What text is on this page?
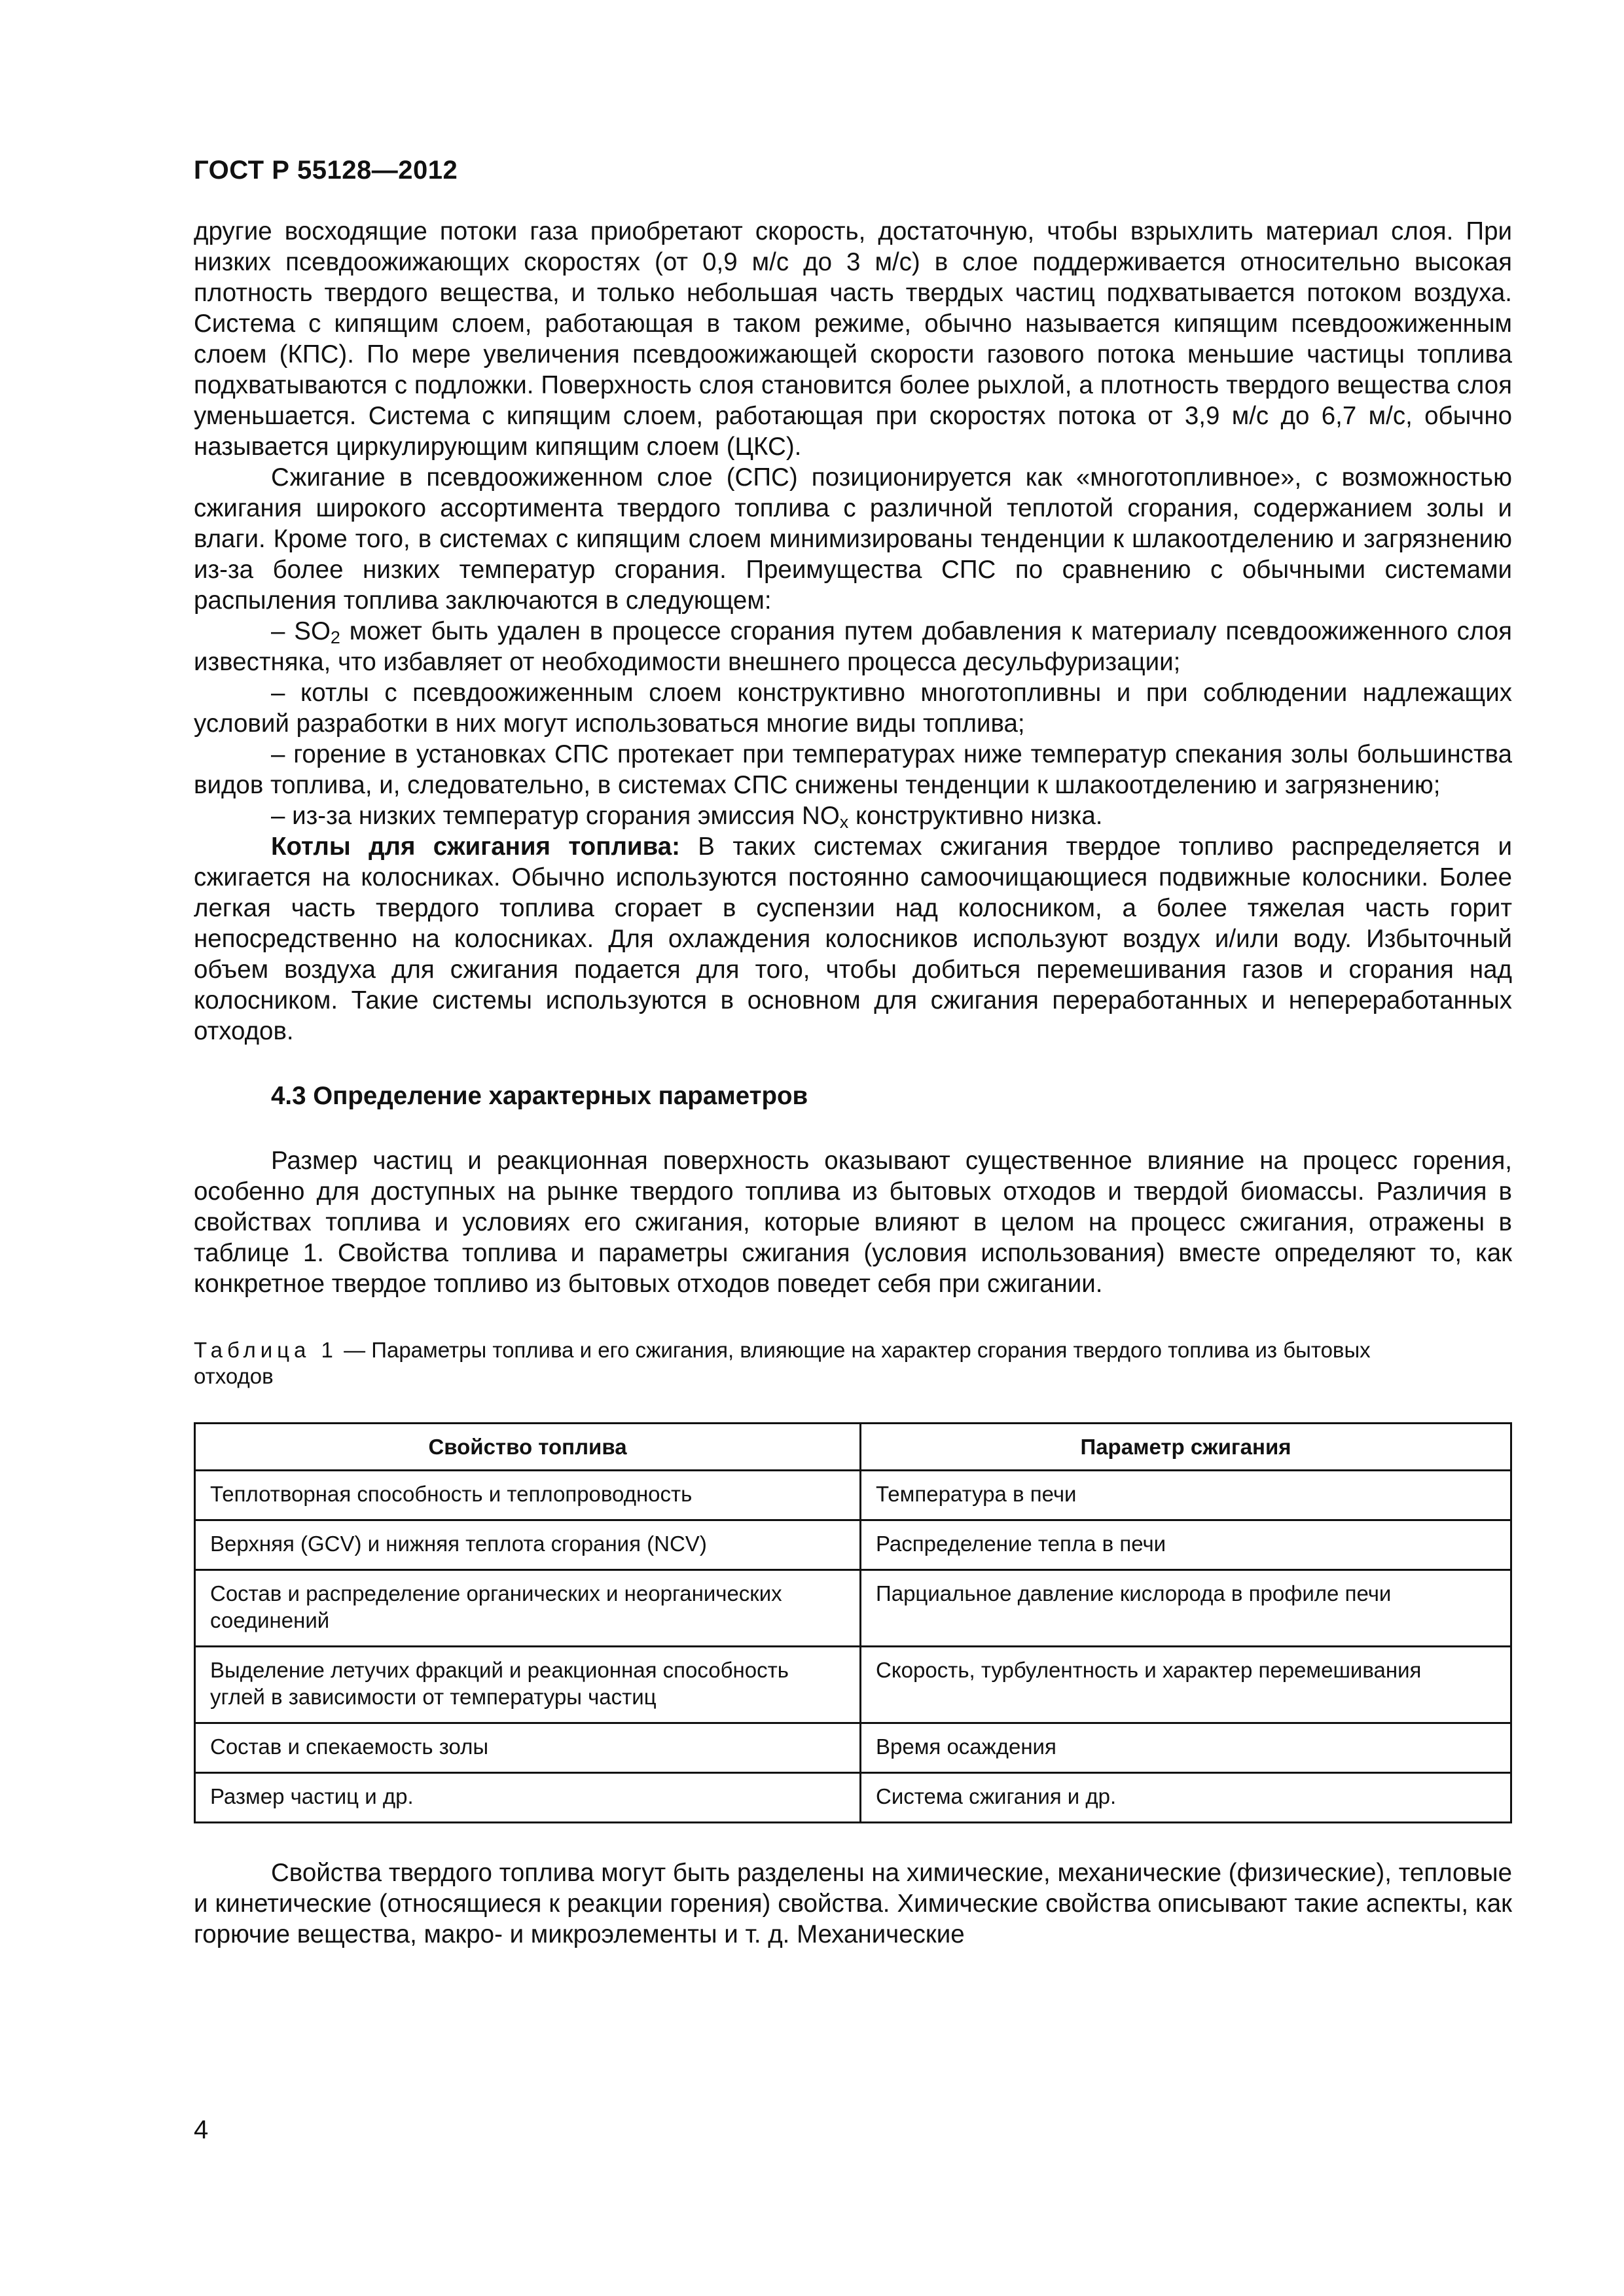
ГОСТ Р 55128—2012

другие восходящие потоки газа приобретают скорость, достаточную, чтобы взрыхлить материал слоя. При низких псевдоожижающих скоростях (от 0,9 м/с до 3 м/с) в слое поддерживается относительно высокая плотность твердого вещества, и только небольшая часть твердых частиц подхватывается потоком воздуха. Система с кипящим слоем, работающая в таком режиме, обычно называется кипящим псевдоожиженным слоем (КПС). По мере увеличения псевдоожижающей скорости газового потока меньшие частицы топлива подхватываются с подложки. Поверхность слоя становится более рыхлой, а плотность твердого вещества слоя уменьшается. Система с кипящим слоем, работающая при скоростях потока от 3,9 м/с до 6,7 м/с, обычно называется циркулирующим кипящим слоем (ЦКС).

Сжигание в псевдоожиженном слое (СПС) позиционируется как «многотопливное», с возможностью сжигания широкого ассортимента твердого топлива с различной теплотой сгорания, содержанием золы и влаги. Кроме того, в системах с кипящим слоем минимизированы тенденции к шлакоотделению и загрязнению из-за более низких температур сгорания. Преимущества СПС по сравнению с обычными системами распыления топлива заключаются в следующем:

– $SO_2$ может быть удален в процессе сгорания путем добавления к материалу псевдоожиженного слоя известняка, что избавляет от необходимости внешнего процесса десульфуризации;

– котлы с псевдоожиженным слоем конструктивно многотопливны и при соблюдении надлежащих условий разработки в них могут использоваться многие виды топлива;

– горение в установках СПС протекает при температурах ниже температур спекания золы большинства видов топлива, и, следовательно, в системах СПС снижены тенденции к шлакоотделению и загрязнению;

– из-за низких температур сгорания эмиссия $NO_x$ конструктивно низка.

Котлы для сжигания топлива: В таких системах сжигания твердое топливо распределяется и сжигается на колосниках. Обычно используются постоянно самоочищающиеся подвижные колосники. Более легкая часть твердого топлива сгорает в суспензии над колосником, а более тяжелая часть горит непосредственно на колосниках. Для охлаждения колосников используют воздух и/или воду. Избыточный объем воздуха для сжигания подается для того, чтобы добиться перемешивания газов и сгорания над колосником. Такие системы используются в основном для сжигания переработанных и непереработанных отходов.

4.3 Определение характерных параметров

Размер частиц и реакционная поверхность оказывают существенное влияние на процесс горения, особенно для доступных на рынке твердого топлива из бытовых отходов и твердой биомассы. Различия в свойствах топлива и условиях его сжигания, которые влияют в целом на процесс сжигания, отражены в таблице 1. Свойства топлива и параметры сжигания (условия использования) вместе определяют то, как конкретное твердое топливо из бытовых отходов поведет себя при сжигании.

Таблица 1 — Параметры топлива и его сжигания, влияющие на характер сгорания твердого топлива из бытовых отходов
Свойство топлива	Параметр сжигания
Теплотворная способность и теплопроводность	Температура в печи
Верхняя (GCV) и нижняя теплота сгорания (NCV)	Распределение тепла в печи
Состав и распределение органических и неорганических соединений	Парциальное давление кислорода в профиле печи
Выделение летучих фракций и реакционная способность углей в зависимости от температуры частиц	Скорость, турбулентность и характер перемешивания
Состав и спекаемость золы	Время осаждения
Размер частиц и др.	Система сжигания и др.

Свойства твердого топлива могут быть разделены на химические, механические (физические), тепловые и кинетические (относящиеся к реакции горения) свойства. Химические свойства описывают такие аспекты, как горючие вещества, макро- и микроэлементы и т. д. Механические

4
